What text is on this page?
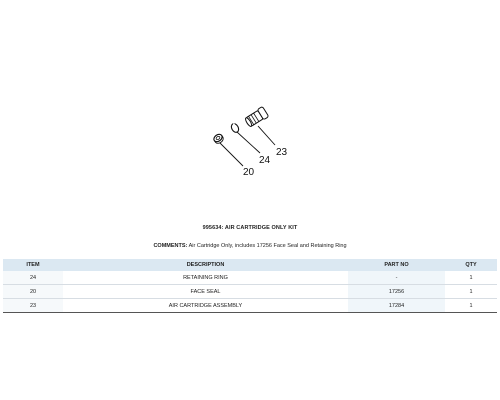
20
24
23
995634: AIR CARTRIDGE ONLY KIT
COMMENTS: Air Cartridge Only, includes 17256 Face Seal and Retaining Ring
ITEM	DESCRIPTION	PART NO	QTY
24	RETAINING RING	-	1
20	FACE SEAL	17256	1
23	AIR CARTRIDGE ASSEMBLY	17284	1
